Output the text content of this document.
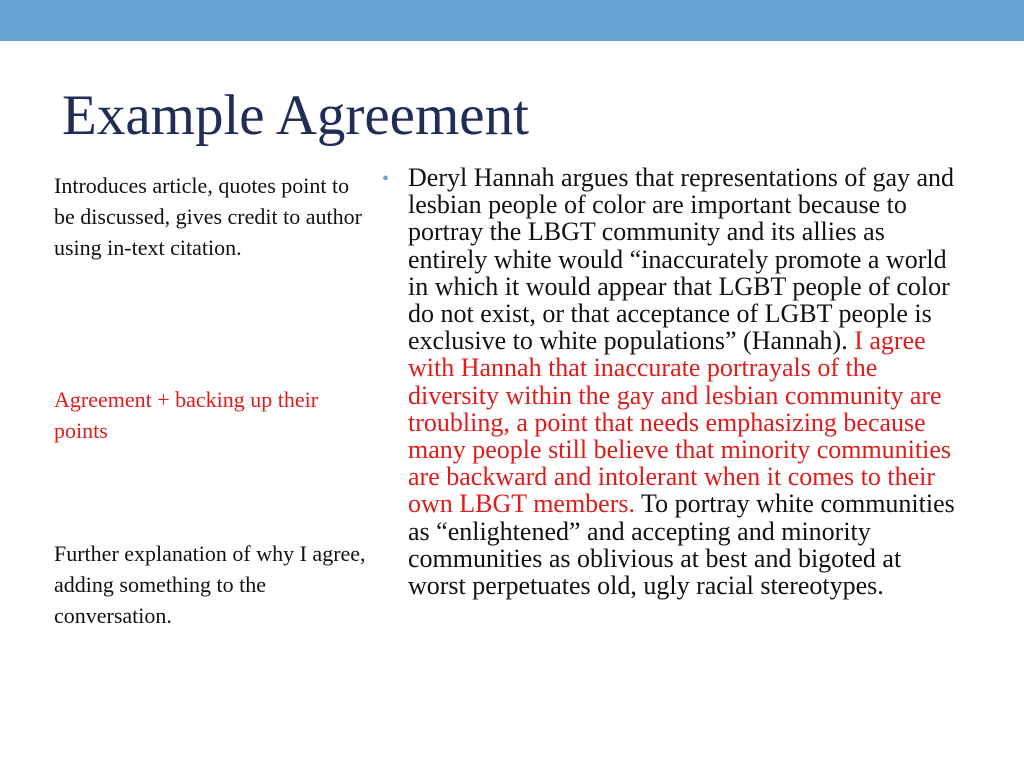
Example Agreement

Introduces article, quotes point to be discussed, gives credit to author using in-text citation.

Agreement + backing up their points

Further explanation of why I agree, adding something to the conversation.

• Deryl Hannah argues that representations of gay and lesbian people of color are important because to portray the LBGT community and its allies as entirely white would “inaccurately promote a world in which it would appear that LGBT people of color do not exist, or that acceptance of LGBT people is exclusive to white populations” (Hannah). I agree with Hannah that inaccurate portrayals of the diversity within the gay and lesbian community are troubling, a point that needs emphasizing because many people still believe that minority communities are backward and intolerant when it comes to their own LBGT members. To portray white communities as “enlightened” and accepting and minority communities as oblivious at best and bigoted at worst perpetuates old, ugly racial stereotypes.
